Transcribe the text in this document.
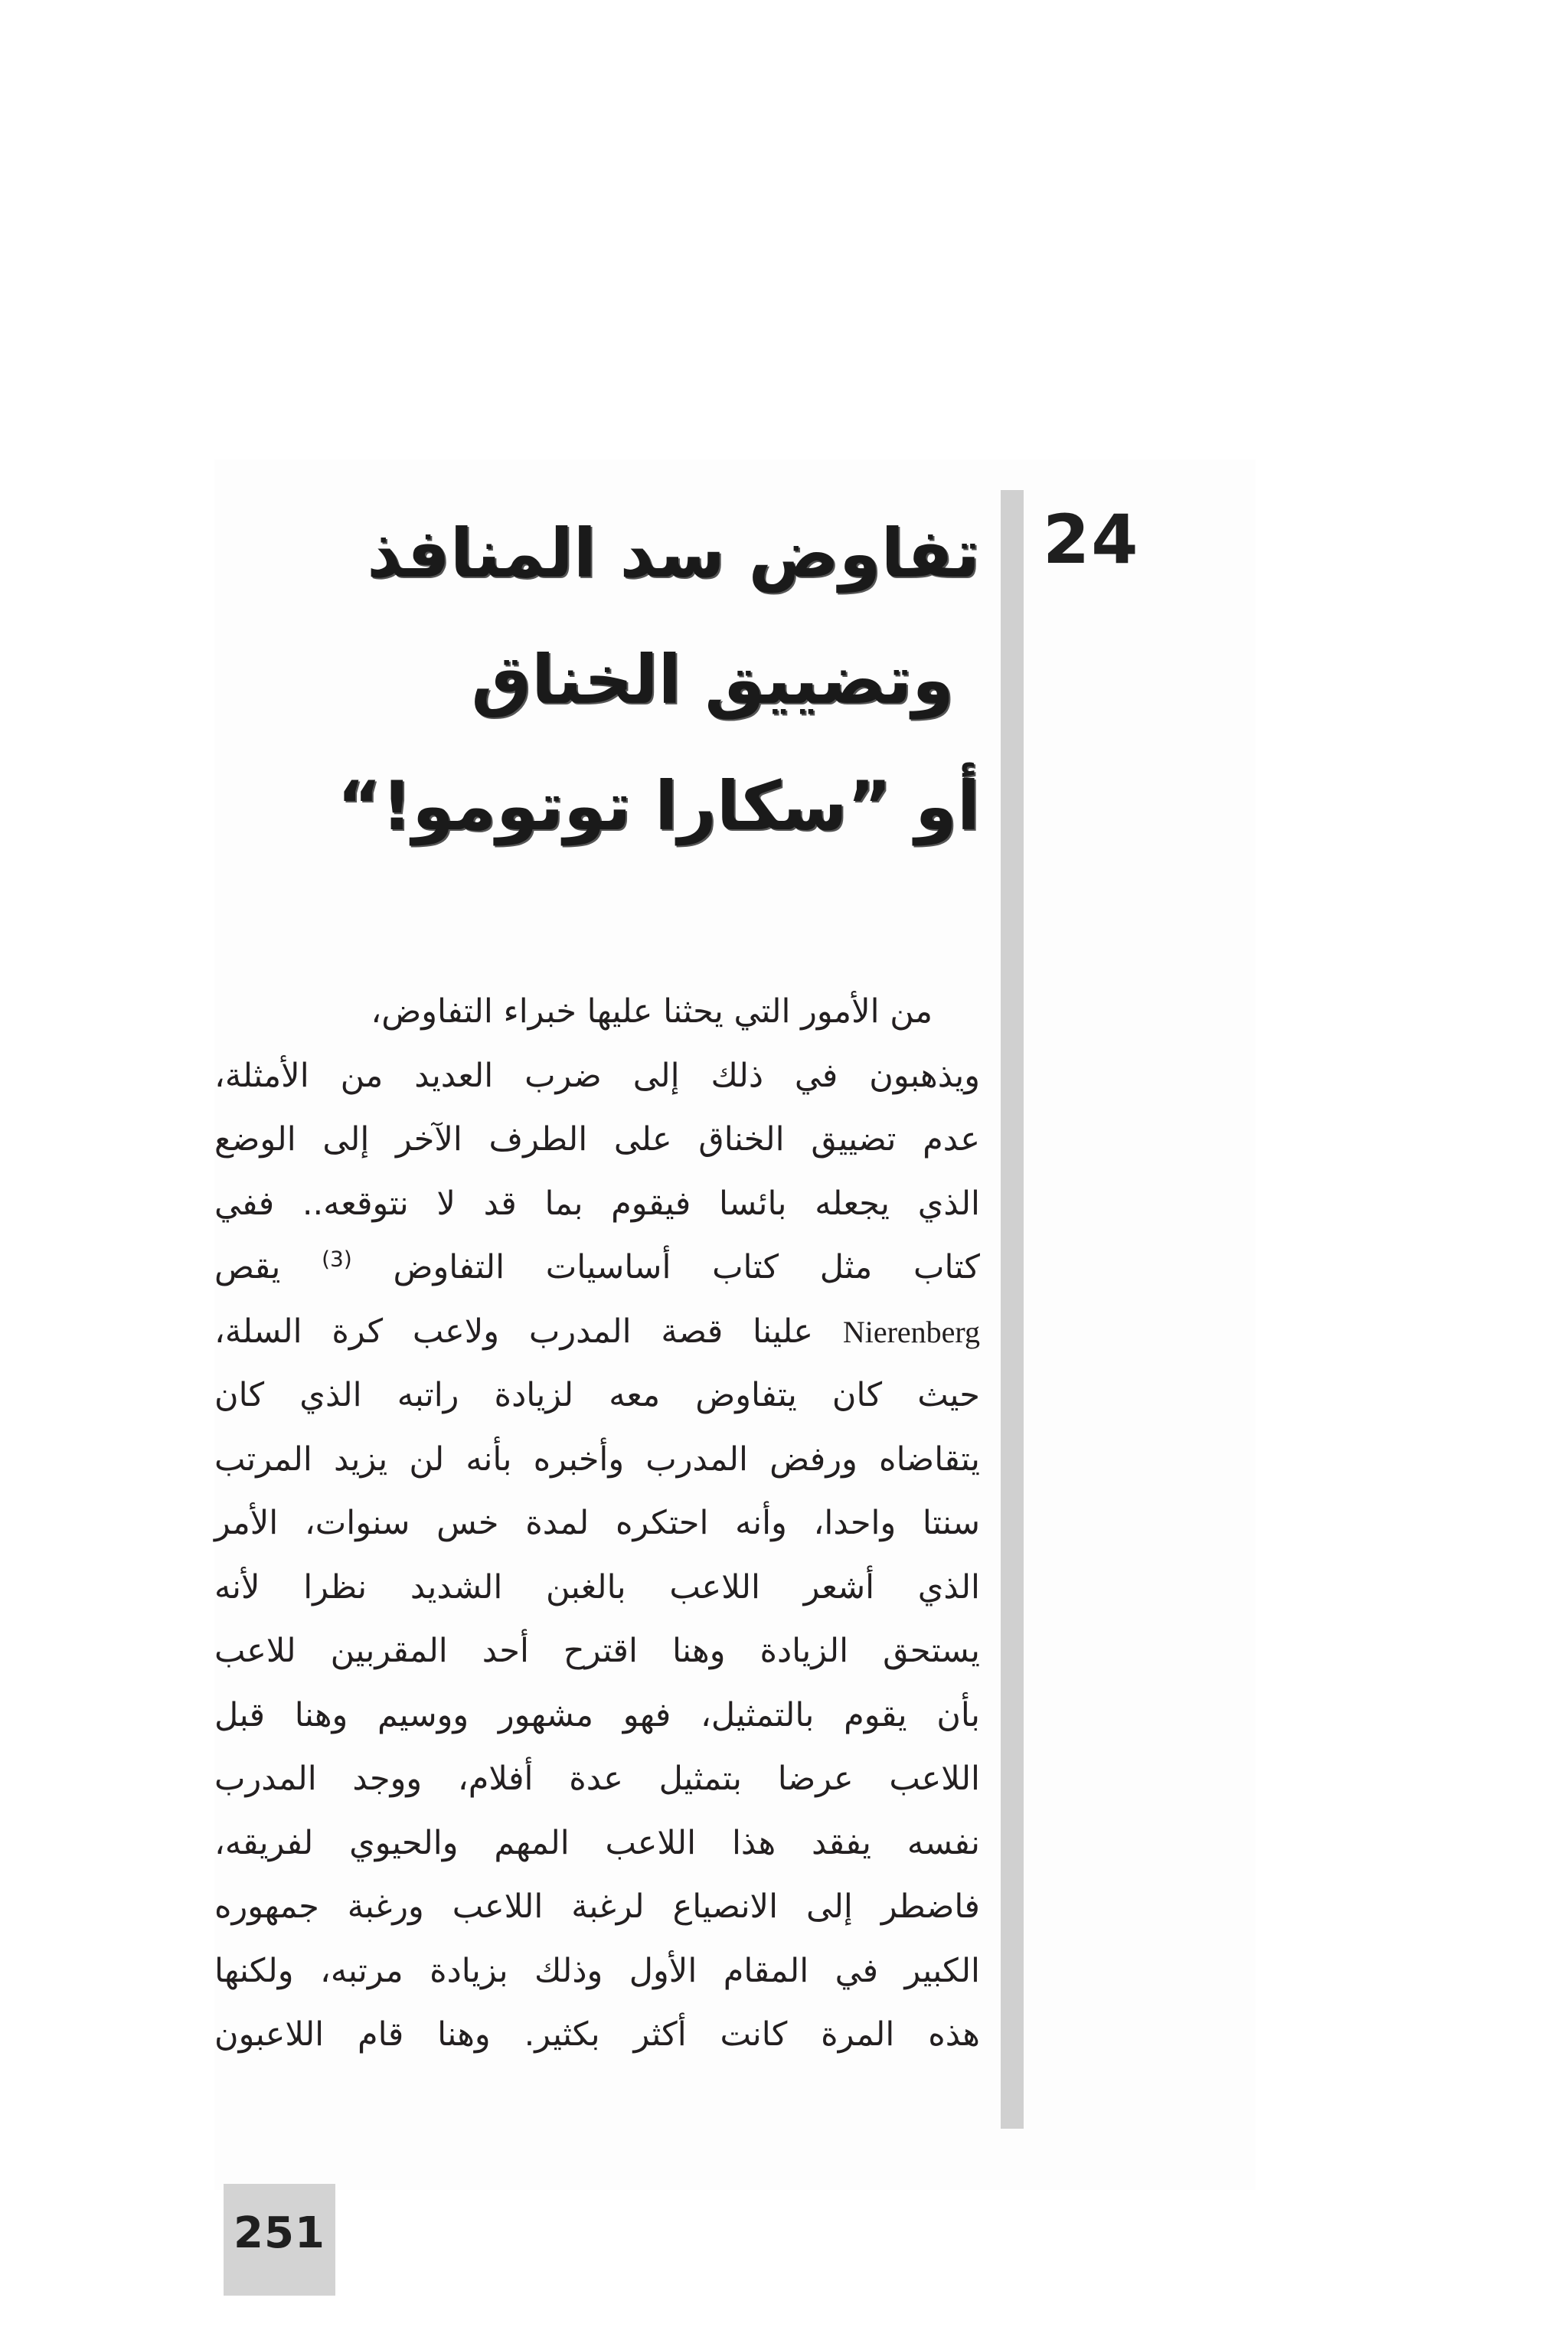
24
تفاوض سد المنافذ
وتضييق الخناق
أو ”سكارا توتومو!“
من الأمور التي يحثنا عليها خبراء التفاوض،
ويذهبون في ذلك إلى ضرب العديد من الأمثلة،
عدم تضييق الخناق على الطرف الآخر إلى الوضع
الذي يجعله بائسا فيقوم بما قد لا نتوقعه.. ففي
كتاب مثل كتاب أساسيات التفاوض $^{(3)}$ يقص
Nierenberg علينا قصة المدرب ولاعب كرة السلة،
حيث كان يتفاوض معه لزيادة راتبه الذي كان
يتقاضاه ورفض المدرب وأخبره بأنه لن يزيد المرتب
سنتا واحدا، وأنه احتكره لمدة خس سنوات، الأمر
الذي أشعر اللاعب بالغبن الشديد نظرا لأنه
يستحق الزيادة وهنا اقترح أحد المقربين للاعب
بأن يقوم بالتمثيل، فهو مشهور ووسيم وهنا قبل
اللاعب عرضا بتمثيل عدة أفلام، ووجد المدرب
نفسه يفقد هذا اللاعب المهم والحيوي لفريقه،
فاضطر إلى الانصياع لرغبة اللاعب ورغبة جمهوره
الكبير في المقام الأول وذلك بزيادة مرتبه، ولكنها
هذه المرة كانت أكثر بكثير. وهنا قام اللاعبون
251
